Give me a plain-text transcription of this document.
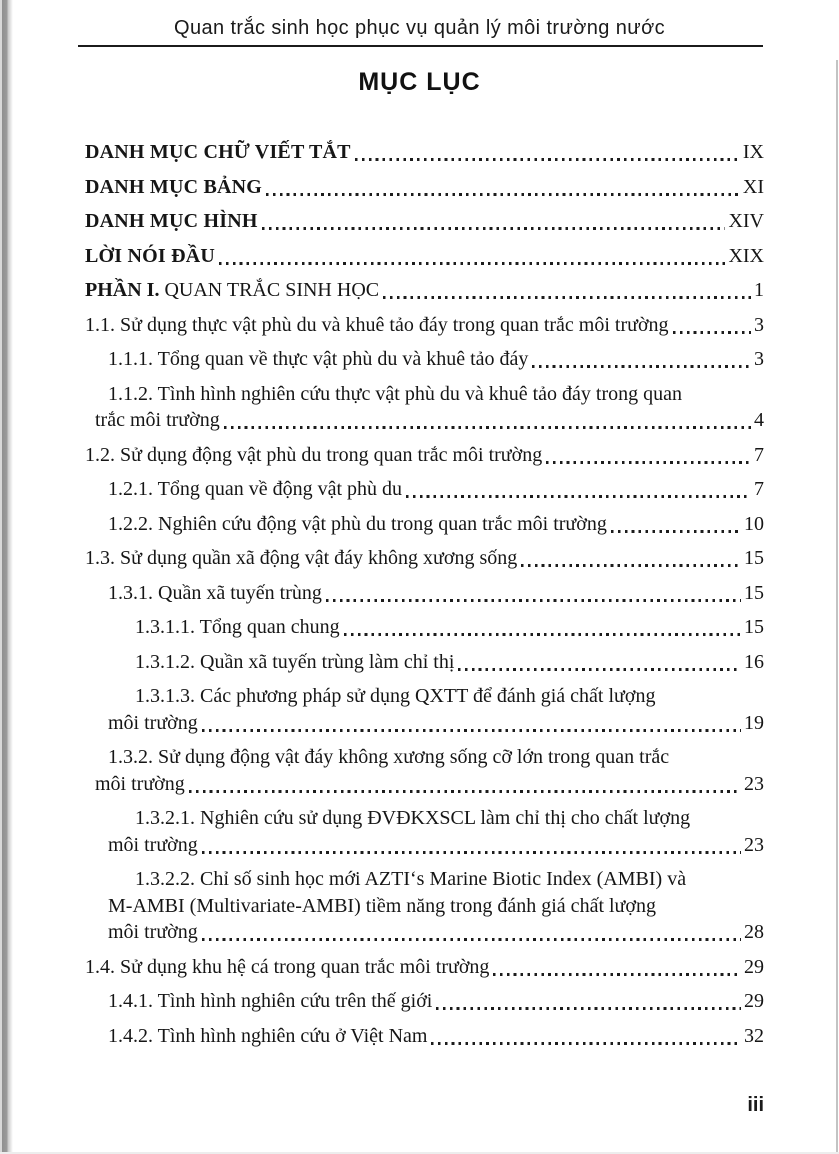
Quan trắc sinh học phục vụ quản lý môi trường nước
MỤC LỤC
DANH MỤC CHỮ VIẾT TẮT	IX
DANH MỤC BẢNG	XI
DANH MỤC HÌNH	XIV
LỜI NÓI ĐẦU	XIX
PHẦN I. QUAN TRẮC SINH HỌC	1
1.1. Sử dụng thực vật phù du và khuê tảo đáy trong quan trắc môi trường	3
1.1.1. Tổng quan về thực vật phù du và khuê tảo đáy	3
1.1.2. Tình hình nghiên cứu thực vật phù du và khuê tảo đáy trong quan
trắc môi trường	4
1.2. Sử dụng động vật phù du trong quan trắc môi trường	7
1.2.1. Tổng quan về động vật phù du	7
1.2.2. Nghiên cứu động vật phù du trong quan trắc môi trường	10
1.3. Sử dụng quần xã động vật đáy không xương sống	15
1.3.1. Quần xã tuyến trùng	15
1.3.1.1. Tổng quan chung	15
1.3.1.2. Quần xã tuyến trùng làm chỉ thị	16
1.3.1.3. Các phương pháp sử dụng QXTT để đánh giá chất lượng
môi trường	19
1.3.2. Sử dụng động vật đáy không xương sống cỡ lớn trong quan trắc
môi trường	23
1.3.2.1. Nghiên cứu sử dụng ĐVĐKXSCL làm chỉ thị cho chất lượng
môi trường	23
1.3.2.2. Chỉ số sinh học mới AZTI‘s Marine Biotic Index (AMBI) và
M-AMBI (Multivariate-AMBI) tiềm năng trong đánh giá chất lượng
môi trường	28
1.4. Sử dụng khu hệ cá trong quan trắc môi trường	29
1.4.1. Tình hình nghiên cứu trên thế giới	29
1.4.2. Tình hình nghiên cứu ở Việt Nam	32
iii
